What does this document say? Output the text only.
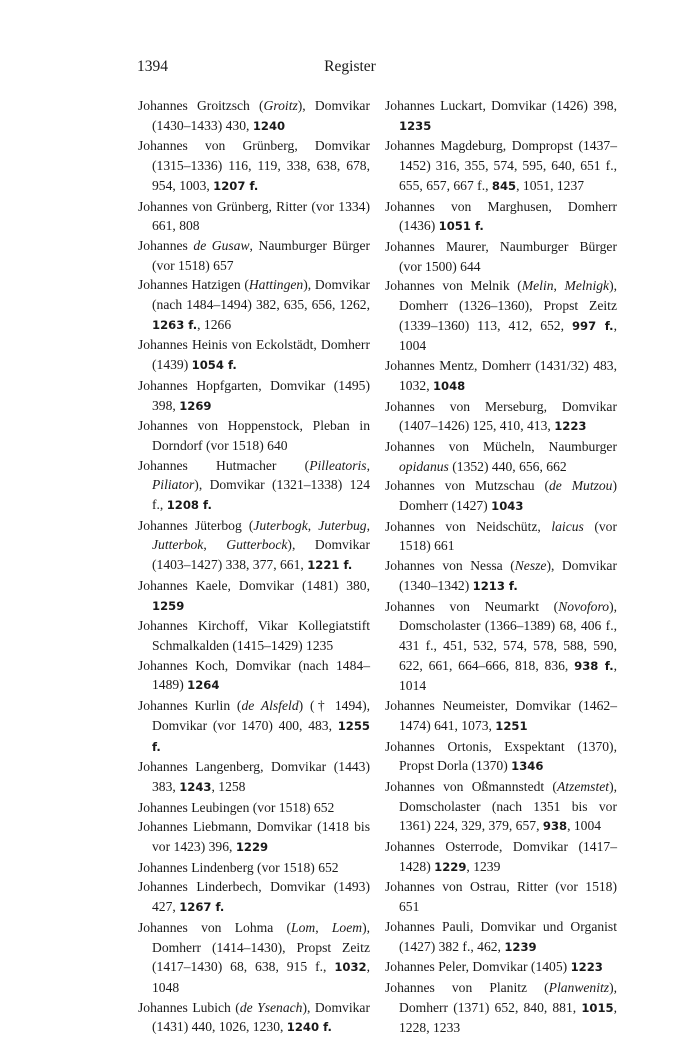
1394	Register
Johannes Groitzsch (Groitz), Domvikar (1430–1433) 430, 1240
Johannes von Grünberg, Domvikar (1315–1336) 116, 119, 338, 638, 678, 954, 1003, 1207 f.
Johannes von Grünberg, Ritter (vor 1334) 661, 808
Johannes de Gusaw, Naumburger Bürger (vor 1518) 657
Johannes Hatzigen (Hattingen), Domvikar (nach 1484–1494) 382, 635, 656, 1262, 1263 f., 1266
Johannes Heinis von Eckolstädt, Domherr (1439) 1054 f.
Johannes Hopfgarten, Domvikar (1495) 398, 1269
Johannes von Hoppenstock, Pleban in Dorndorf (vor 1518) 640
Johannes Hutmacher (Pilleatoris, Piliator), Domvikar (1321–1338) 124 f., 1208 f.
Johannes Jüterbog (Juterbogk, Juterbug, Jutterbok, Gutterbock), Domvikar (1403–1427) 338, 377, 661, 1221 f.
Johannes Kaele, Domvikar (1481) 380, 1259
Johannes Kirchoff, Vikar Kollegiatstift Schmalkalden (1415–1429) 1235
Johannes Koch, Domvikar (nach 1484–1489) 1264
Johannes Kurlin (de Alsfeld) († 1494), Domvikar (vor 1470) 400, 483, 1255 f.
Johannes Langenberg, Domvikar (1443) 383, 1243, 1258
Johannes Leubingen (vor 1518) 652
Johannes Liebmann, Domvikar (1418 bis vor 1423) 396, 1229
Johannes Lindenberg (vor 1518) 652
Johannes Linderbech, Domvikar (1493) 427, 1267 f.
Johannes von Lohma (Lom, Loem), Domherr (1414–1430), Propst Zeitz (1417–1430) 68, 638, 915 f., 1032, 1048
Johannes Lubich (de Ysenach), Domvikar (1431) 440, 1026, 1230, 1240 f.
Johannes Luckart, Domvikar (1426) 398, 1235
Johannes Magdeburg, Dompropst (1437–1452) 316, 355, 574, 595, 640, 651 f., 655, 657, 667 f., 845, 1051, 1237
Johannes von Marghusen, Domherr (1436) 1051 f.
Johannes Maurer, Naumburger Bürger (vor 1500) 644
Johannes von Melnik (Melin, Melnigk), Domherr (1326–1360), Propst Zeitz (1339–1360) 113, 412, 652, 997 f., 1004
Johannes Mentz, Domherr (1431/32) 483, 1032, 1048
Johannes von Merseburg, Domvikar (1407–1426) 125, 410, 413, 1223
Johannes von Mücheln, Naumburger opidanus (1352) 440, 656, 662
Johannes von Mutzschau (de Mutzou) Domherr (1427) 1043
Johannes von Neidschütz, laicus (vor 1518) 661
Johannes von Nessa (Nesze), Domvikar (1340–1342) 1213 f.
Johannes von Neumarkt (Novoforo), Domscholaster (1366–1389) 68, 406 f., 431 f., 451, 532, 574, 578, 588, 590, 622, 661, 664–666, 818, 836, 938 f., 1014
Johannes Neumeister, Domvikar (1462–1474) 641, 1073, 1251
Johannes Ortonis, Exspektant (1370), Propst Dorla (1370) 1346
Johannes von Oßmannstedt (Atzemstet), Domscholaster (nach 1351 bis vor 1361) 224, 329, 379, 657, 938, 1004
Johannes Osterrode, Domvikar (1417–1428) 1229, 1239
Johannes von Ostrau, Ritter (vor 1518) 651
Johannes Pauli, Domvikar und Organist (1427) 382 f., 462, 1239
Johannes Peler, Domvikar (1405) 1223
Johannes von Planitz (Planwenitz), Domherr (1371) 652, 840, 881, 1015, 1228, 1233
